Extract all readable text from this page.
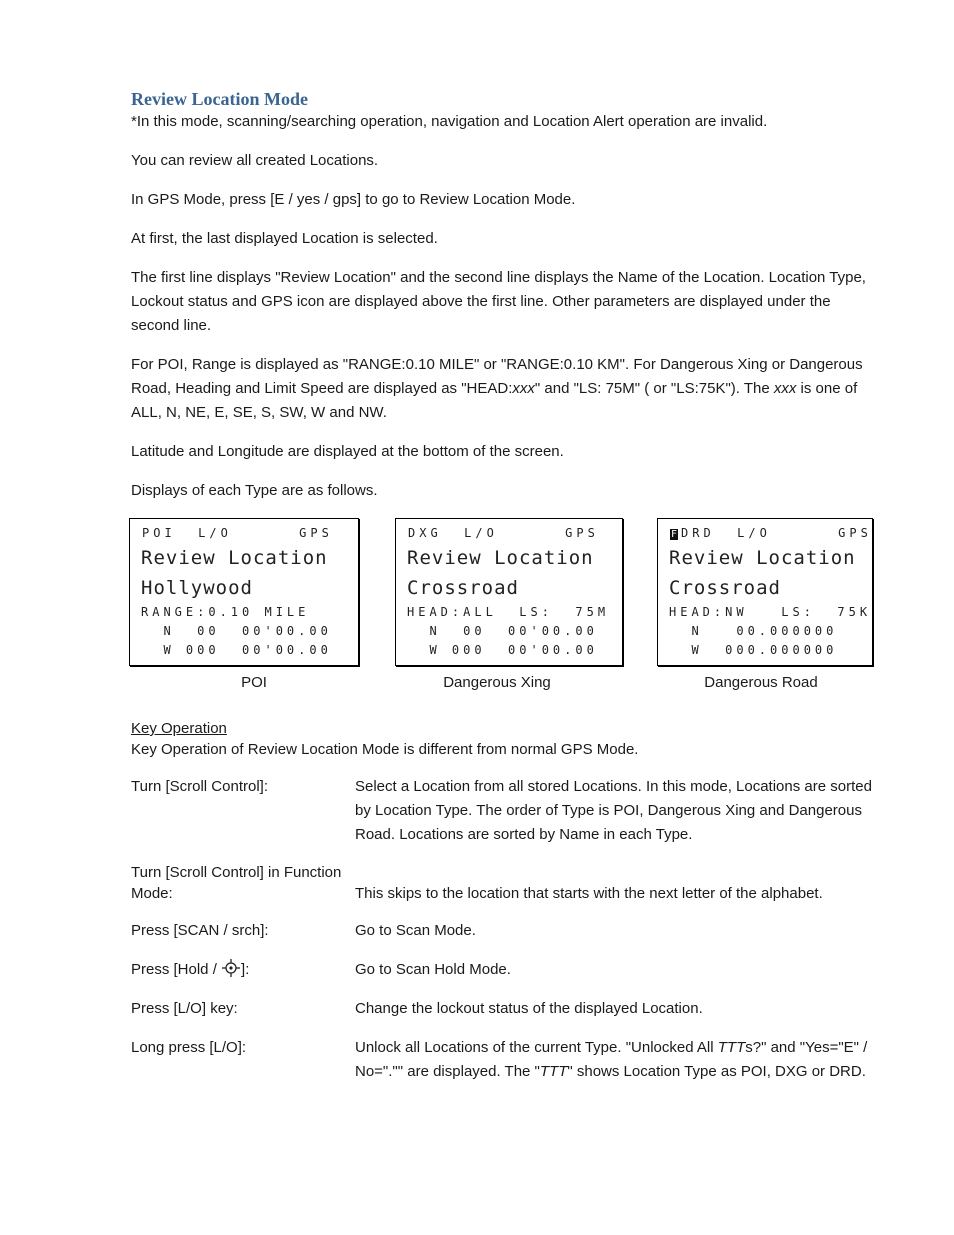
Review Location Mode

*In this mode, scanning/searching operation, navigation and Location Alert operation are invalid.

You can review all created Locations.

In GPS Mode, press [E / yes / gps] to go to Review Location Mode.

At first, the last displayed Location is selected.

The first line displays "Review Location" and the second line displays the Name of the Location. Location Type, Lockout status and GPS icon are displayed above the first line. Other parameters are displayed under the second line.

For POI, Range is displayed as "RANGE:0.10 MILE" or "RANGE:0.10 KM". For Dangerous Xing or Dangerous Road, Heading and Limit Speed are displayed as "HEAD:xxx" and "LS: 75M" ( or "LS:75K"). The xxx is one of ALL, N, NE, E, SE, S, SW, W and NW.

Latitude and Longitude are displayed at the bottom of the screen.

Displays of each Type are as follows.

POI  L/O      GPS
Review Location
Hollywood
RANGE:0.10 MILE
N  00  00'00.00
W 000  00'00.00
POI
DXG  L/O      GPS
Review Location
Crossroad
HEAD:ALL  LS:  75M
N  00  00'00.00
W 000  00'00.00
Dangerous Xing
F DRD  L/O      GPS
Review Location
Crossroad
HEAD:NW   LS:  75K
N   00.000000
W  000.000000
Dangerous Road

Key Operation

Key Operation of Review Location Mode is different from normal GPS Mode.

Turn [Scroll Control]:	Select a Location from all stored Locations. In this mode, Locations are sorted by Location Type. The order of Type is POI, Dangerous Xing and Dangerous Road. Locations are sorted by Name in each Type.
Turn [Scroll Control] in Function Mode:	This skips to the location that starts with the next letter of the alphabet.
Press [SCAN / srch]:	Go to Scan Mode.
Press [Hold / ]:	Go to Scan Hold Mode.
Press [L/O] key:	Change the lockout status of the displayed Location.
Long press [L/O]:	Unlock all Locations of the current Type. "Unlocked All TTTs?" and "Yes="E" / No="."" are displayed. The "TTT" shows Location Type as POI, DXG or DRD.
